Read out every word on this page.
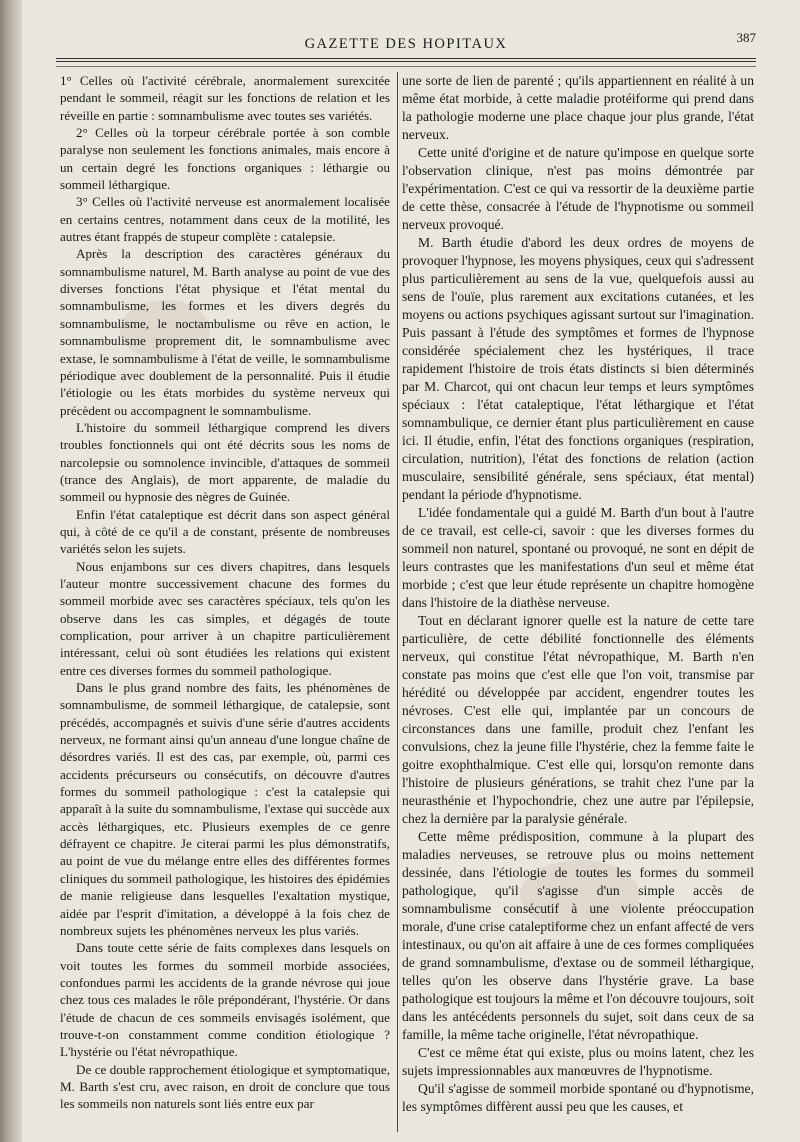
GAZETTE DES HOPITAUX	387

1° Celles où l'activité cérébrale, anormalement surexcitée pendant le sommeil, réagit sur les fonctions de relation et les réveille en partie : somnambulisme avec toutes ses variétés.

2° Celles où la torpeur cérébrale portée à son comble paralyse non seulement les fonctions animales, mais encore à un certain degré les fonctions organiques : léthargie ou sommeil léthargique.

3° Celles où l'activité nerveuse est anormalement localisée en certains centres, notamment dans ceux de la motilité, les autres étant frappés de stupeur complète : catalepsie.

Après la description des caractères généraux du somnambulisme naturel, M. Barth analyse au point de vue des diverses fonctions l'état physique et l'état mental du somnambulisme, les formes et les divers degrés du somnambulisme, le noctambulisme ou rêve en action, le somnambulisme proprement dit, le somnambulisme avec extase, le somnambulisme à l'état de veille, le somnambulisme périodique avec doublement de la personnalité. Puis il étudie l'étiologie ou les états morbides du système nerveux qui précèdent ou accompagnent le somnambulisme.

L'histoire du sommeil léthargique comprend les divers troubles fonctionnels qui ont été décrits sous les noms de narcolepsie ou somnolence invincible, d'attaques de sommeil (trance des Anglais), de mort apparente, de maladie du sommeil ou hypnosie des nègres de Guinée.

Enfin l'état cataleptique est décrit dans son aspect général qui, à côté de ce qu'il a de constant, présente de nombreuses variétés selon les sujets.

Nous enjambons sur ces divers chapitres, dans lesquels l'auteur montre successivement chacune des formes du sommeil morbide avec ses caractères spéciaux, tels qu'on les observe dans les cas simples, et dégagés de toute complication, pour arriver à un chapitre particulièrement intéressant, celui où sont étudiées les relations qui existent entre ces diverses formes du sommeil pathologique.

Dans le plus grand nombre des faits, les phénomènes de somnambulisme, de sommeil léthargique, de catalepsie, sont précédés, accompagnés et suivis d'une série d'autres accidents nerveux, ne formant ainsi qu'un anneau d'une longue chaîne de désordres variés. Il est des cas, par exemple, où, parmi ces accidents précurseurs ou consécutifs, on découvre d'autres formes du sommeil pathologique : c'est la catalepsie qui apparaît à la suite du somnambulisme, l'extase qui succède aux accès léthargiques, etc. Plusieurs exemples de ce genre défrayent ce chapitre. Je citerai parmi les plus démonstratifs, au point de vue du mélange entre elles des différentes formes cliniques du sommeil pathologique, les histoires des épidémies de manie religieuse dans lesquelles l'exaltation mystique, aidée par l'esprit d'imitation, a développé à la fois chez de nombreux sujets les phénomènes nerveux les plus variés.

Dans toute cette série de faits complexes dans lesquels on voit toutes les formes du sommeil morbide associées, confondues parmi les accidents de la grande névrose qui joue chez tous ces malades le rôle prépondérant, l'hystérie. Or dans l'étude de chacun de ces sommeils envisagés isolément, que trouve-t-on constamment comme condition étiologique ? L'hystérie ou l'état névropathique.

De ce double rapprochement étiologique et symptomatique, M. Barth s'est cru, avec raison, en droit de conclure que tous les sommeils non naturels sont liés entre eux par

une sorte de lien de parenté ; qu'ils appartiennent en réalité à un même état morbide, à cette maladie protéiforme qui prend dans la pathologie moderne une place chaque jour plus grande, l'état nerveux.

Cette unité d'origine et de nature qu'impose en quelque sorte l'observation clinique, n'est pas moins démontrée par l'expérimentation. C'est ce qui va ressortir de la deuxième partie de cette thèse, consacrée à l'étude de l'hypnotisme ou sommeil nerveux provoqué.

M. Barth étudie d'abord les deux ordres de moyens de provoquer l'hypnose, les moyens physiques, ceux qui s'adressent plus particulièrement au sens de la vue, quelquefois aussi au sens de l'ouïe, plus rarement aux excitations cutanées, et les moyens ou actions psychiques agissant surtout sur l'imagination. Puis passant à l'étude des symptômes et formes de l'hypnose considérée spécialement chez les hystériques, il trace rapidement l'histoire de trois états distincts si bien déterminés par M. Charcot, qui ont chacun leur temps et leurs symptômes spéciaux : l'état cataleptique, l'état léthargique et l'état somnambulique, ce dernier étant plus particulièrement en cause ici. Il étudie, enfin, l'état des fonctions organiques (respiration, circulation, nutrition), l'état des fonctions de relation (action musculaire, sensibilité générale, sens spéciaux, état mental) pendant la période d'hypnotisme.

L'idée fondamentale qui a guidé M. Barth d'un bout à l'autre de ce travail, est celle-ci, savoir : que les diverses formes du sommeil non naturel, spontané ou provoqué, ne sont en dépit de leurs contrastes que les manifestations d'un seul et même état morbide ; c'est que leur étude représente un chapitre homogène dans l'histoire de la diathèse nerveuse.

Tout en déclarant ignorer quelle est la nature de cette tare particulière, de cette débilité fonctionnelle des éléments nerveux, qui constitue l'état névropathique, M. Barth n'en constate pas moins que c'est elle que l'on voit, transmise par hérédité ou développée par accident, engendrer toutes les névroses. C'est elle qui, implantée par un concours de circonstances dans une famille, produit chez l'enfant les convulsions, chez la jeune fille l'hystérie, chez la femme faite le goitre exophthalmique. C'est elle qui, lorsqu'on remonte dans l'histoire de plusieurs générations, se trahit chez l'une par la neurasthénie et l'hypochondrie, chez une autre par l'épilepsie, chez la dernière par la paralysie générale.

Cette même prédisposition, commune à la plupart des maladies nerveuses, se retrouve plus ou moins nettement dessinée, dans l'étiologie de toutes les formes du sommeil pathologique, qu'il s'agisse d'un simple accès de somnambulisme consécutif à une violente préoccupation morale, d'une crise cataleptiforme chez un enfant affecté de vers intestinaux, ou qu'on ait affaire à une de ces formes compliquées de grand somnambulisme, d'extase ou de sommeil léthargique, telles qu'on les observe dans l'hystérie grave. La base pathologique est toujours la même et l'on découvre toujours, soit dans les antécédents personnels du sujet, soit dans ceux de sa famille, la même tache originelle, l'état névropathique.

C'est ce même état qui existe, plus ou moins latent, chez les sujets impressionnables aux manœuvres de l'hypnotisme.

Qu'il s'agisse de sommeil morbide spontané ou d'hypnotisme, les symptômes diffèrent aussi peu que les causes, et
